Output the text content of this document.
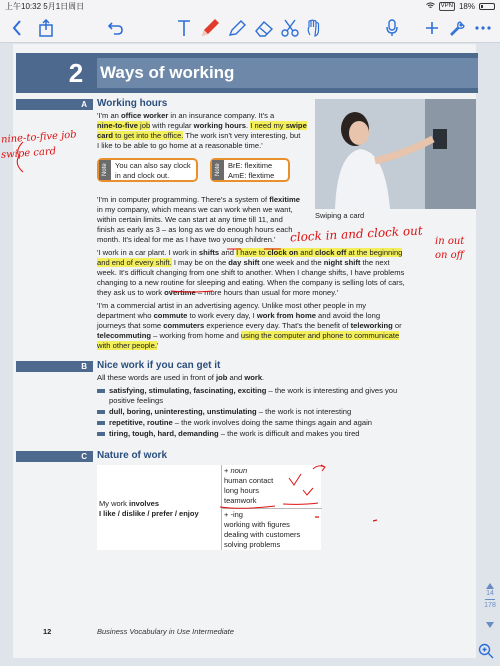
上午10:32 5月1日周日	VPN 18%
2 Ways of working
A	Working hours
'I'm an office worker in an insurance company. It's a
nine-to-five job with regular working hours. I need my swipe
card to get into the office. The work isn't very interesting, but
I like to be able to go home at a reasonable time.'
Swiping a card
Note You can also say clock
in and clock out.	Note BrE: flexitime
AmE: flextime
'I'm in computer programming. There's a system of flexitime
in my company, which means we can work when we want,
within certain limits. We can start at any time till 11, and
finish as early as 3 – as long as we do enough hours each
month. It's ideal for me as I have two young children.'
'I work in a car plant. I work in shifts and I have to clock on and clock off at the beginning
and end of every shift. I may be on the day shift one week and the night shift the next
week. It's difficult changing from one shift to another. When I change shifts, I have problems
changing to a new routine for sleeping and eating. When the company is selling lots of cars,
they ask us to work overtime – more hours than usual for more money.'
'I'm a commercial artist in an advertising agency. Unlike most other people in my
department who commute to work every day, I work from home and avoid the long
journeys that some commuters experience every day. That's the benefit of teleworking or
telecommuting – working from home and using the computer and phone to communicate
with other people.'
B	Nice work if you can get it
All these words are used in front of job and work.
satisfying, stimulating, fascinating, exciting – the work is interesting and gives you
positive feelings
dull, boring, uninteresting, unstimulating – the work is not interesting
repetitive, routine – the work involves doing the same things again and again
tiring, tough, hard, demanding – the work is difficult and makes you tired
C	Nature of work
My work involves
I like / dislike / prefer / enjoy
+ noun
human contact
long hours
teamwork
+ -ing
working with figures
dealing with customers
solving problems
12	Business Vocabulary in Use Intermediate
nine-to-five job
swipe card
clock in and clock out in out
on off
14
178
